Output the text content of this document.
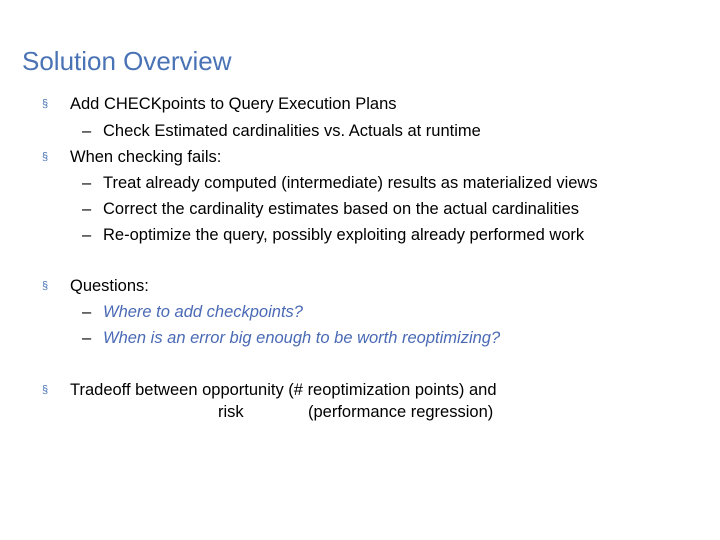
Solution Overview
§ Add CHECKpoints to Query Execution Plans
– Check Estimated cardinalities vs. Actuals at runtime
§ When checking fails:
– Treat already computed (intermediate) results as materialized views
– Correct the cardinality estimates based on the actual cardinalities
– Re-optimize the query, possibly exploiting already performed work
§ Questions:
– Where to add checkpoints?
– When is an error big enough to be worth reoptimizing?
§ Tradeoff between opportunity (# reoptimization points) and
risk	(performance regression)
